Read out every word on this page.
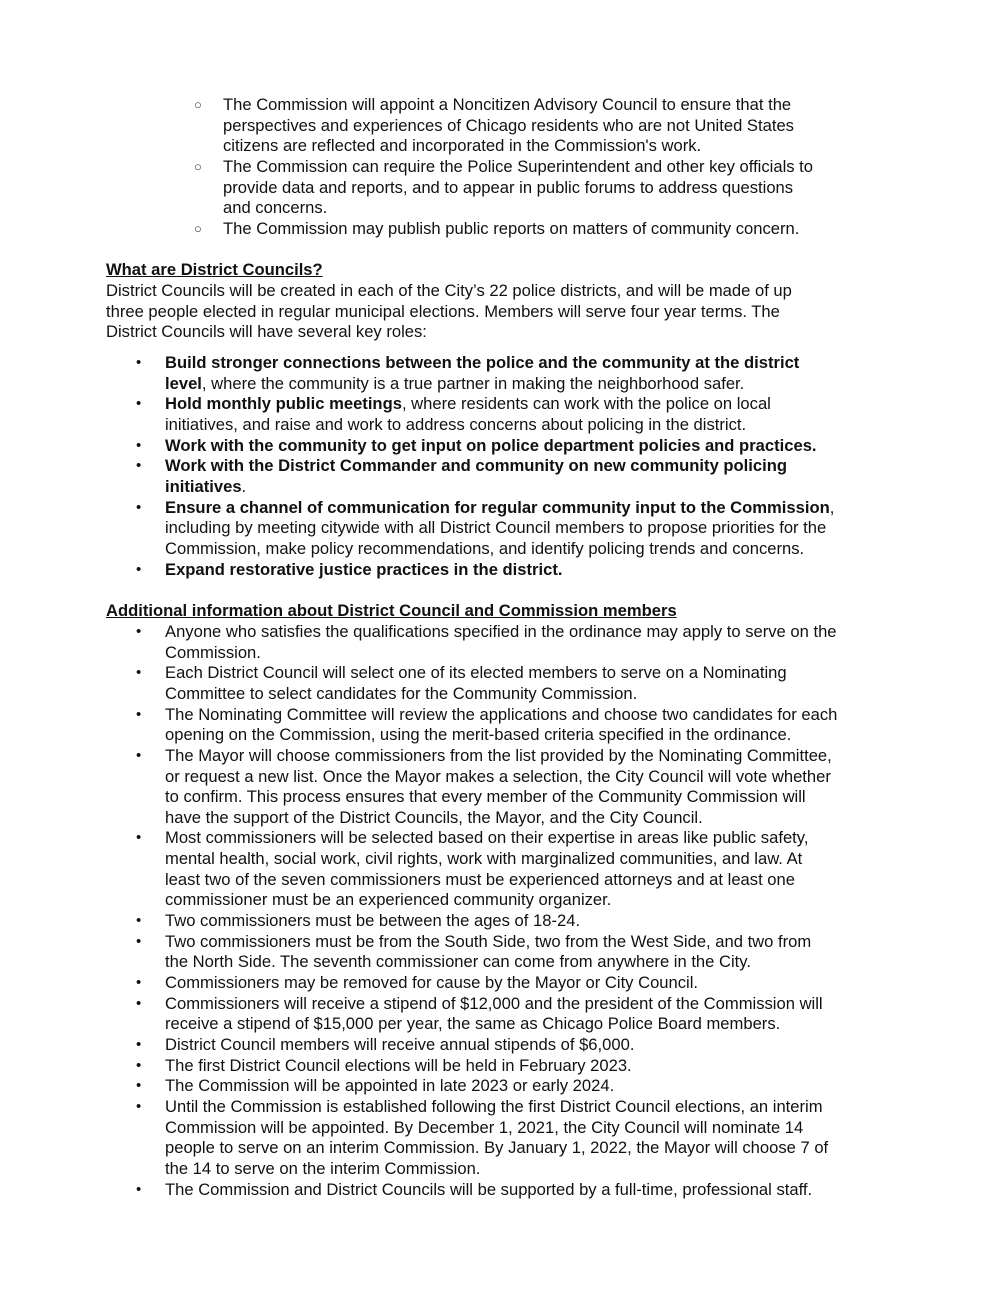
○ The Commission will appoint a Noncitizen Advisory Council to ensure that the
perspectives and experiences of Chicago residents who are not United States
citizens are reflected and incorporated in the Commission's work.
○ The Commission can require the Police Superintendent and other key officials to
provide data and reports, and to appear in public forums to address questions
and concerns.
○ The Commission may publish public reports on matters of community concern.
What are District Councils?
District Councils will be created in each of the City’s 22 police districts, and will be made of up
three people elected in regular municipal elections. Members will serve four year terms. The
District Councils will have several key roles:
• Build stronger connections between the police and the community at the district
level, where the community is a true partner in making the neighborhood safer.
• Hold monthly public meetings, where residents can work with the police on local
initiatives, and raise and work to address concerns about policing in the district.
• Work with the community to get input on police department policies and practices.
• Work with the District Commander and community on new community policing
initiatives.
• Ensure a channel of communication for regular community input to the Commission,
including by meeting citywide with all District Council members to propose priorities for the
Commission, make policy recommendations, and identify policing trends and concerns.
• Expand restorative justice practices in the district.
Additional information about District Council and Commission members
• Anyone who satisfies the qualifications specified in the ordinance may apply to serve on the
Commission.
• Each District Council will select one of its elected members to serve on a Nominating
Committee to select candidates for the Community Commission.
• The Nominating Committee will review the applications and choose two candidates for each
opening on the Commission, using the merit-based criteria specified in the ordinance.
• The Mayor will choose commissioners from the list provided by the Nominating Committee,
or request a new list. Once the Mayor makes a selection, the City Council will vote whether
to confirm. This process ensures that every member of the Community Commission will
have the support of the District Councils, the Mayor, and the City Council.
• Most commissioners will be selected based on their expertise in areas like public safety,
mental health, social work, civil rights, work with marginalized communities, and law. At
least two of the seven commissioners must be experienced attorneys and at least one
commissioner must be an experienced community organizer.
• Two commissioners must be between the ages of 18-24.
• Two commissioners must be from the South Side, two from the West Side, and two from
the North Side. The seventh commissioner can come from anywhere in the City.
• Commissioners may be removed for cause by the Mayor or City Council.
• Commissioners will receive a stipend of $12,000 and the president of the Commission will
receive a stipend of $15,000 per year, the same as Chicago Police Board members.
• District Council members will receive annual stipends of $6,000.
• The first District Council elections will be held in February 2023.
• The Commission will be appointed in late 2023 or early 2024.
• Until the Commission is established following the first District Council elections, an interim
Commission will be appointed. By December 1, 2021, the City Council will nominate 14
people to serve on an interim Commission. By January 1, 2022, the Mayor will choose 7 of
the 14 to serve on the interim Commission.
• The Commission and District Councils will be supported by a full-time, professional staff.
